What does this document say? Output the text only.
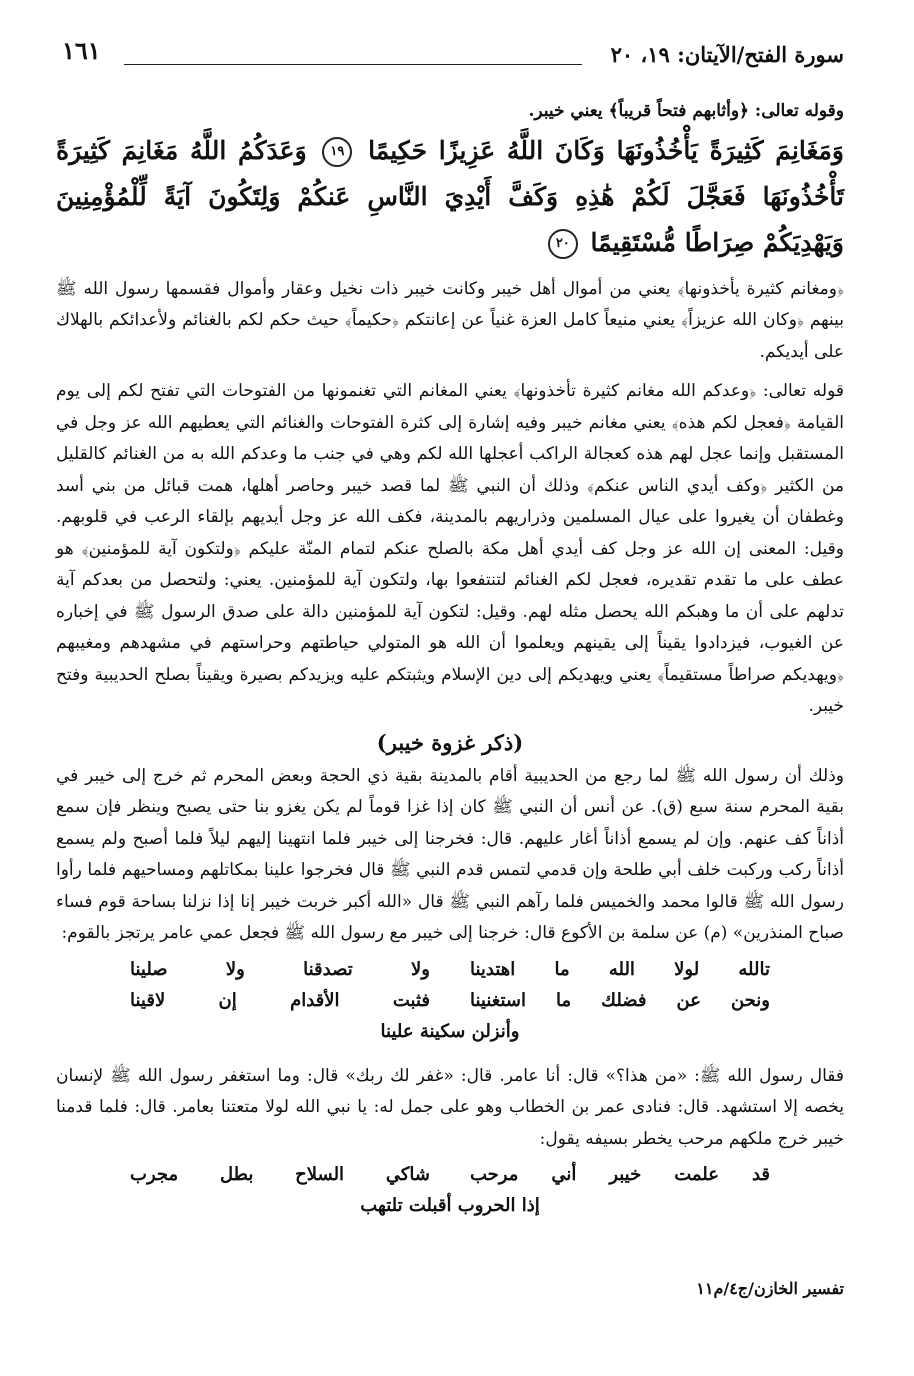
سورة الفتح/الآيتان: ١٩، ٢٠
١٦١

وقوله تعالى: ﴿وأثابهم فتحاً قريباً﴾ يعني خيبر.

وَمَغَانِمَ كَثِيرَةً يَأْخُذُونَهَا وَكَانَ اللَّهُ عَزِيزًا حَكِيمًا ١٩ وَعَدَكُمُ اللَّهُ مَغَانِمَ كَثِيرَةً تَأْخُذُونَهَا فَعَجَّلَ لَكُمْ هَٰذِهِ وَكَفَّ أَيْدِيَ النَّاسِ عَنكُمْ وَلِتَكُونَ آيَةً لِّلْمُؤْمِنِينَ وَيَهْدِيَكُمْ صِرَاطًا مُّسْتَقِيمًا ٢٠

﴿ومغانم كثيرة يأخذونها﴾ يعني من أموال أهل خيبر وكانت خيبر ذات نخيل وعقار وأموال فقسمها رسول الله ﷺ بينهم ﴿وكان الله عزيزاً﴾ يعني منيعاً كامل العزة غنياً عن إعانتكم ﴿حكيماً﴾ حيث حكم لكم بالغنائم ولأعدائكم بالهلاك على أيديكم.

قوله تعالى: ﴿وعدكم الله مغانم كثيرة تأخذونها﴾ يعني المغانم التي تغنمونها من الفتوحات التي تفتح لكم إلى يوم القيامة ﴿فعجل لكم هذه﴾ يعني مغانم خيبر وفيه إشارة إلى كثرة الفتوحات والغنائم التي يعطيهم الله عز وجل في المستقبل وإنما عجل لهم هذه كعجالة الراكب أعجلها الله لكم وهي في جنب ما وعدكم الله به من الغنائم كالقليل من الكثير ﴿وكف أيدي الناس عنكم﴾ وذلك أن النبي ﷺ لما قصد خيبر وحاصر أهلها، همت قبائل من بني أسد وغطفان أن يغيروا على عيال المسلمين وذراريهم بالمدينة، فكف الله عز وجل أيديهم بإلقاء الرعب في قلوبهم. وقيل: المعنى إن الله عز وجل كف أيدي أهل مكة بالصلح عنكم لتمام المنّة عليكم ﴿ولتكون آية للمؤمنين﴾ هو عطف على ما تقدم تقديره، فعجل لكم الغنائم لتنتفعوا بها، ولتكون آية للمؤمنين. يعني: ولتحصل من بعدكم آية تدلهم على أن ما وهبكم الله يحصل مثله لهم. وقيل: لتكون آية للمؤمنين دالة على صدق الرسول ﷺ في إخباره عن الغيوب، فيزدادوا يقيناً إلى يقينهم ويعلموا أن الله هو المتولي حياطتهم وحراستهم في مشهدهم ومغيبهم ﴿ويهديكم صراطاً مستقيماً﴾ يعني ويهديكم إلى دين الإسلام ويثبتكم عليه ويزيدكم بصيرة ويقيناً بصلح الحديبية وفتح خيبر.

(ذكر غزوة خيبر)

وذلك أن رسول الله ﷺ لما رجع من الحديبية أقام بالمدينة بقية ذي الحجة وبعض المحرم ثم خرج إلى خيبر في بقية المحرم سنة سبع (ق). عن أنس أن النبي ﷺ كان إذا غزا قوماً لم يكن يغزو بنا حتى يصبح وينظر فإن سمع أذاناً كف عنهم. وإن لم يسمع أذاناً أغار عليهم. قال: فخرجنا إلى خيبر فلما انتهينا إليهم ليلاً فلما أصبح ولم يسمع أذاناً ركب وركبت خلف أبي طلحة وإن قدمي لتمس قدم النبي ﷺ قال فخرجوا علينا بمكاتلهم ومساحيهم فلما رأوا رسول الله ﷺ قالوا محمد والخميس فلما رآهم النبي ﷺ قال «الله أكبر خربت خيبر إنا إذا نزلنا بساحة قوم فساء صباح المنذرين» (م) عن سلمة بن الأكوع قال: خرجنا إلى خيبر مع رسول الله ﷺ فجعل عمي عامر يرتجز بالقوم:

تالله لولا الله ما اهتدينا
ولا تصدقنا ولا صلينا
ونحن عن فضلك ما استغنينا
فثبت الأقدام إن لاقينا
وأنزلن سكينة علينا

فقال رسول الله ﷺ: «من هذا؟» قال: أنا عامر. قال: «غفر لك ربك» قال: وما استغفر رسول الله ﷺ لإنسان يخصه إلا استشهد. قال: فنادى عمر بن الخطاب وهو على جمل له: يا نبي الله لولا متعتنا بعامر. قال: فلما قدمنا خيبر خرج ملكهم مرحب يخطر بسيفه يقول:

قد علمت خيبر أني مرحب
شاكي السلاح بطل مجرب
إذا الحروب أقبلت تلتهب
تفسير الخازن/ج٤/م١١
